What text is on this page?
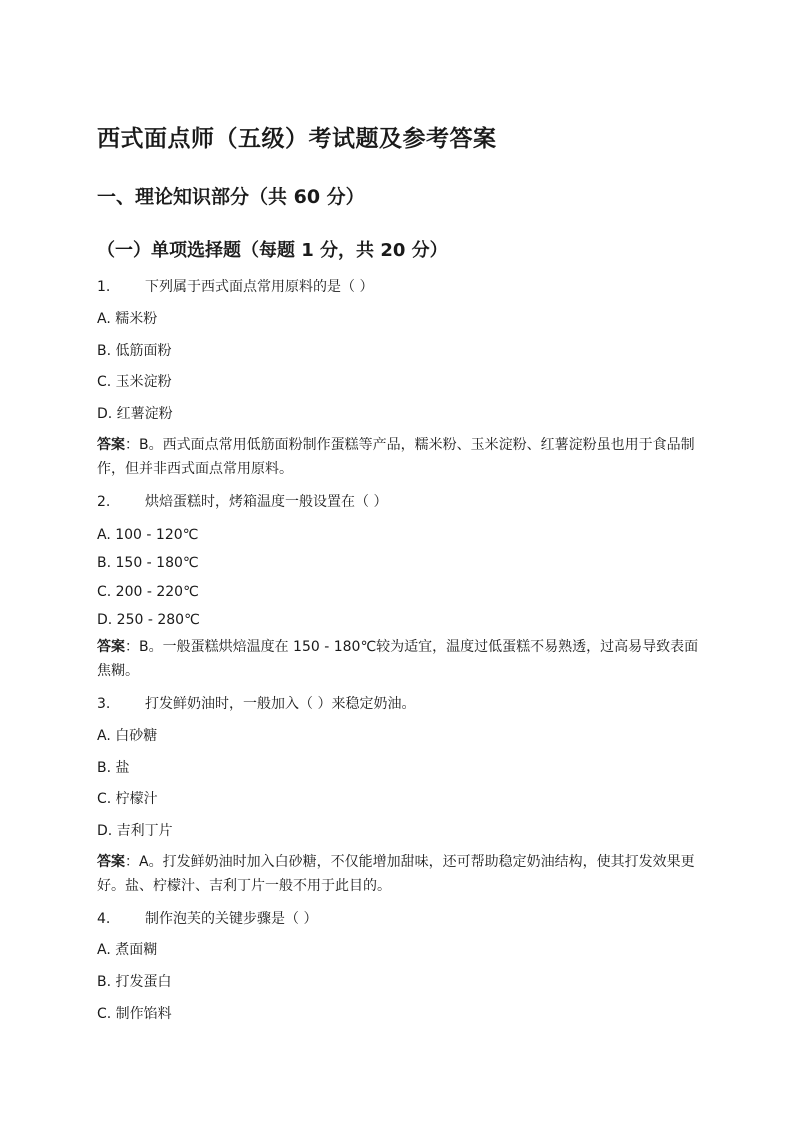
西式面点师（五级）考试题及参考答案
一、理论知识部分（共 60 分）
（一）单项选择题（每题 1 分，共 20 分）
1. 下列属于西式面点常用原料的是（ ）
A. 糯米粉
B. 低筋面粉
C. 玉米淀粉
D. 红薯淀粉
答案：B。西式面点常用低筋面粉制作蛋糕等产品，糯米粉、玉米淀粉、红薯淀粉虽也用于食品制作，但并非西式面点常用原料。
2. 烘焙蛋糕时，烤箱温度一般设置在（ ）
A. 100 - 120℃
B. 150 - 180℃
C. 200 - 220℃
D. 250 - 280℃
答案：B。一般蛋糕烘焙温度在 150 - 180℃较为适宜，温度过低蛋糕不易熟透，过高易导致表面焦糊。
3. 打发鲜奶油时，一般加入（ ）来稳定奶油。
A. 白砂糖
B. 盐
C. 柠檬汁
D. 吉利丁片
答案：A。打发鲜奶油时加入白砂糖，不仅能增加甜味，还可帮助稳定奶油结构，使其打发效果更好。盐、柠檬汁、吉利丁片一般不用于此目的。
4. 制作泡芙的关键步骤是（ ）
A. 煮面糊
B. 打发蛋白
C. 制作馅料
